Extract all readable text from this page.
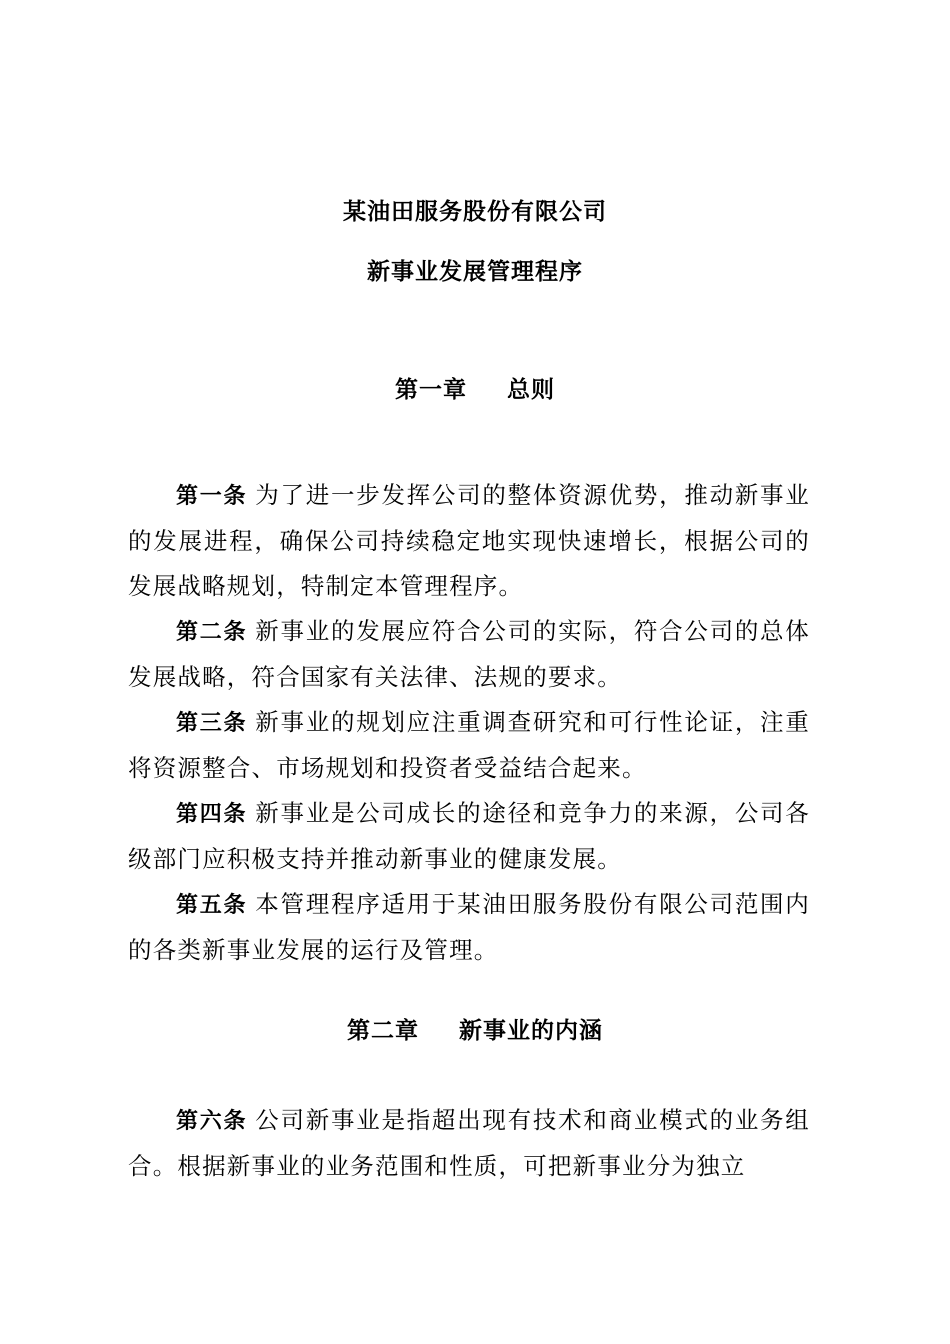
某油田服务股份有限公司
新事业发展管理程序
第一章 总则

第一条 为了进一步发挥公司的整体资源优势，推动新事业的发展进程，确保公司持续稳定地实现快速增长，根据公司的发展战略规划，特制定本管理程序。

第二条 新事业的发展应符合公司的实际，符合公司的总体发展战略，符合国家有关法律、法规的要求。

第三条 新事业的规划应注重调查研究和可行性论证，注重将资源整合、市场规划和投资者受益结合起来。

第四条 新事业是公司成长的途径和竞争力的来源，公司各级部门应积极支持并推动新事业的健康发展。

第五条 本管理程序适用于某油田服务股份有限公司范围内的各类新事业发展的运行及管理。

第二章 新事业的内涵

第六条 公司新事业是指超出现有技术和商业模式的业务组合。根据新事业的业务范围和性质，可把新事业分为独立
